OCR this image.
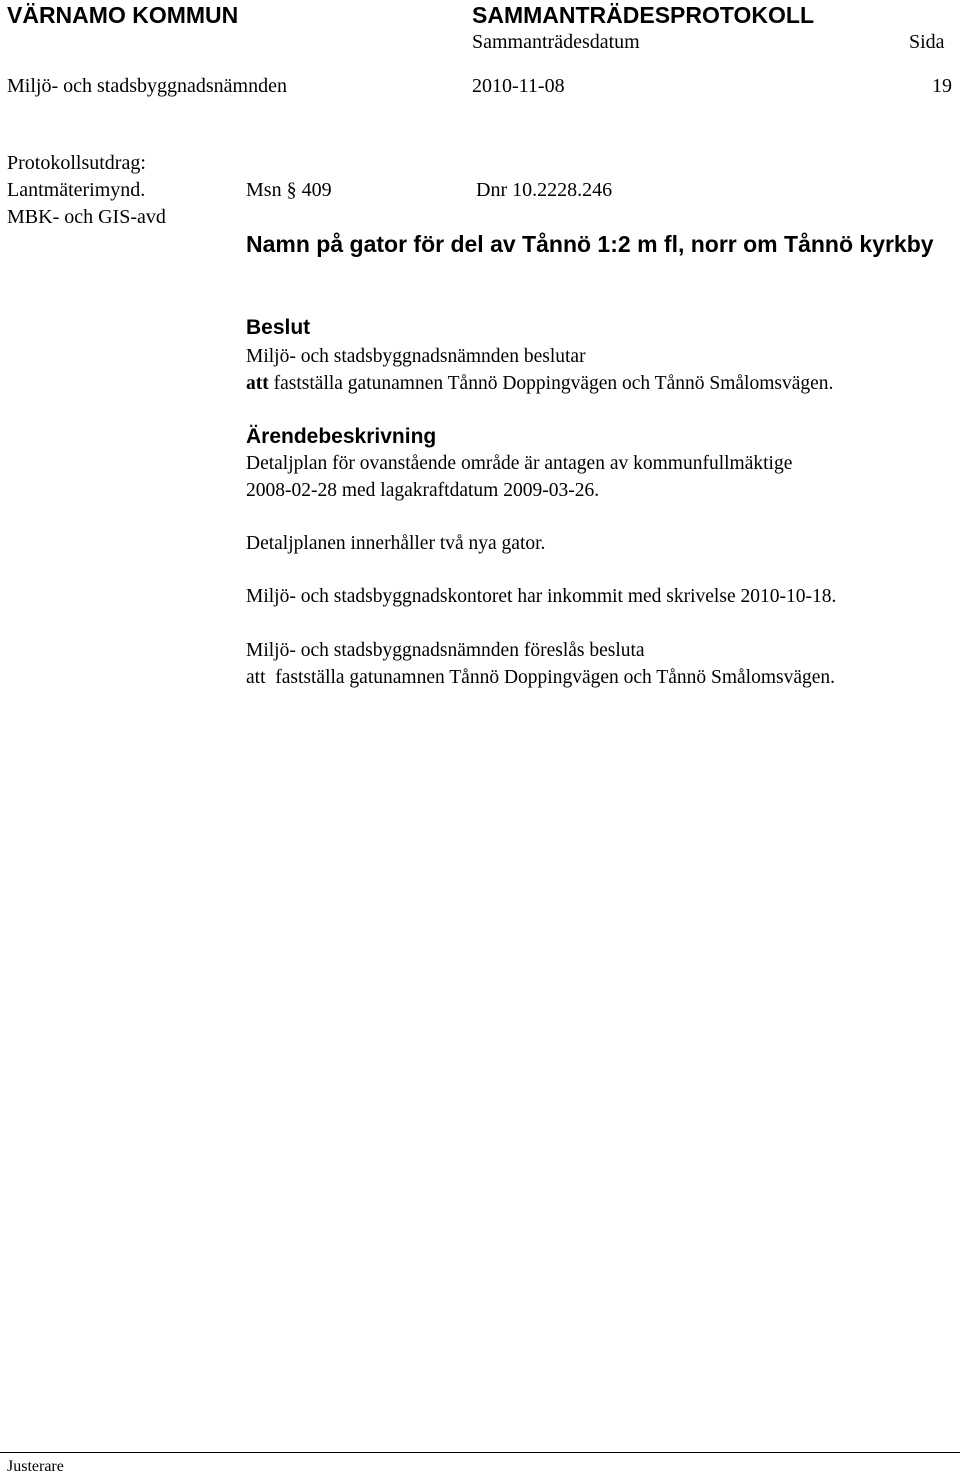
VÄRNAMO KOMMUN	SAMMANTRÄDESPROTOKOLL
Sammanträdesdatum	Sida
Miljö- och stadsbyggnadsnämnden	2010-11-08	19
Protokollsutdrag:
Lantmäterimynd.	Msn § 409	Dnr 10.2228.246
MBK- och GIS-avd
Namn på gator för del av Tånnö 1:2 m fl, norr om Tånnö kyrkby
Beslut
Miljö- och stadsbyggnadsnämnden beslutar
att fastställa gatunamnen Tånnö Doppingvägen och Tånnö Smålomsvägen.
Ärendebeskrivning
Detaljplan för ovanstående område är antagen av kommunfullmäktige
2008-02-28 med lagakraftdatum 2009-03-26.
Detaljplanen innerhåller två nya gator.
Miljö- och stadsbyggnadskontoret har inkommit med skrivelse 2010-10-18.
Miljö- och stadsbyggnadsnämnden föreslås besluta
att fastställa gatunamnen Tånnö Doppingvägen och Tånnö Smålomsvägen.
Justerare
